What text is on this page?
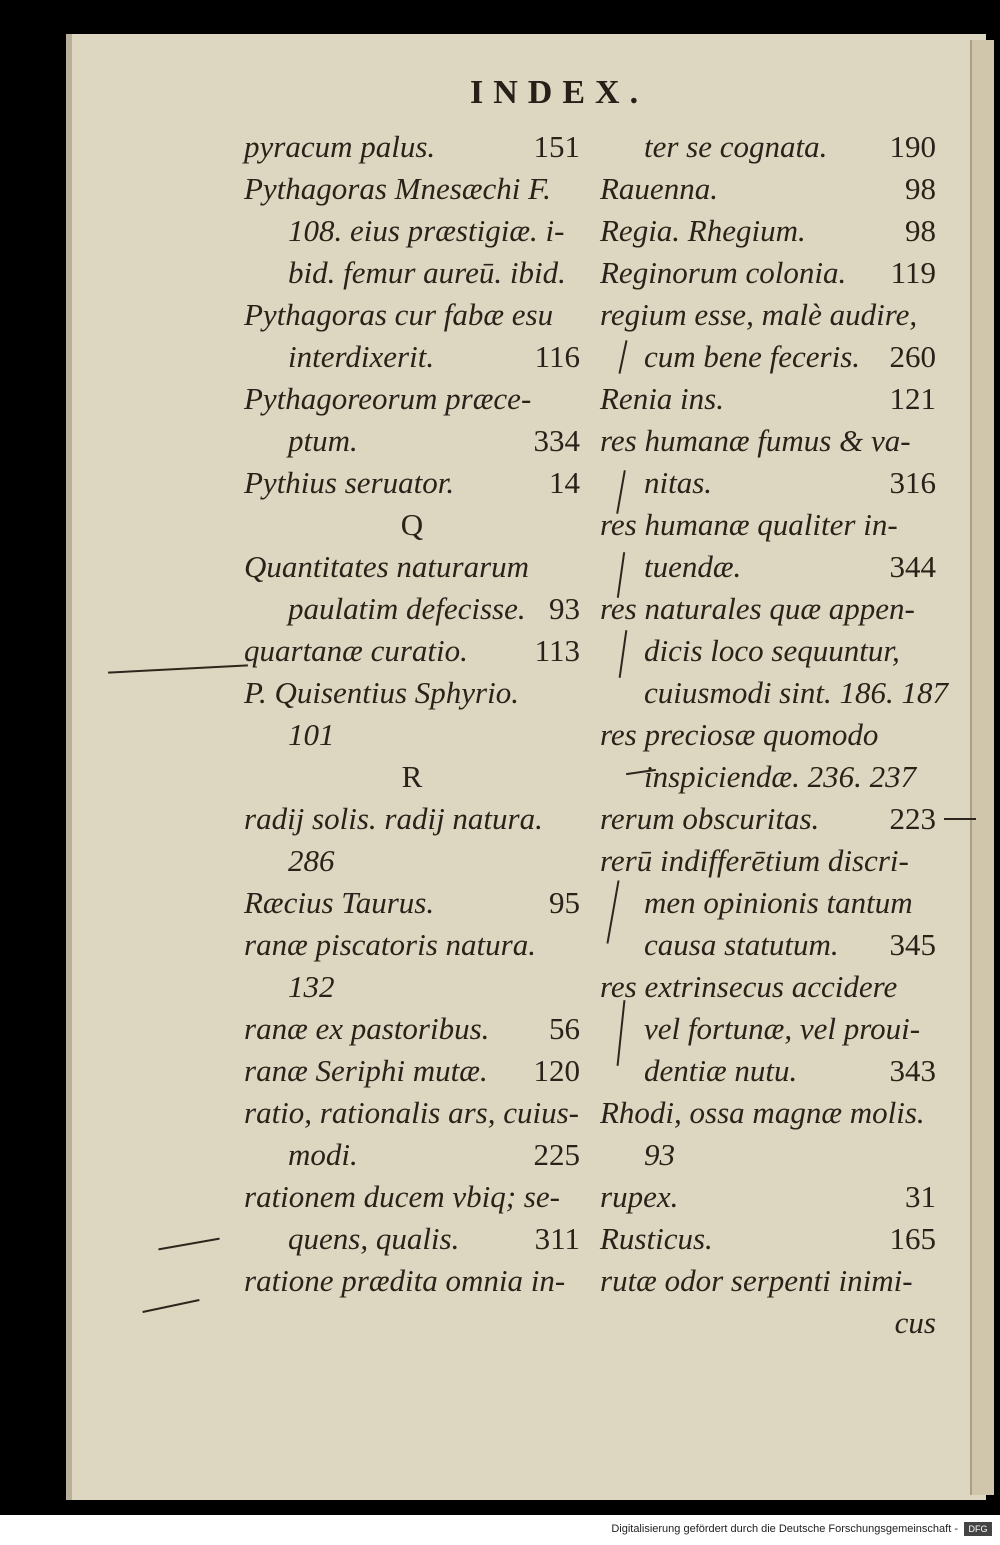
INDEX.
pyracum palus.	151
Pythagoras Mnesæchi F.
108. eius præstigiæ. i-
bid. femur aureū. ibid.
Pythagoras cur fabæ esu
interdixerit.	116
Pythagoreorum præce-
ptum.	334
Pythius seruator.	14
Q
Quantitates naturarum
paulatim defecisse. 93
quartanæ curatio. 113
P. Quisentius Sphyrio.
101
R
radij solis. radij natura.
286
Ræcius Taurus.	95
ranæ piscatoris natura.
132
ranæ ex pastoribus. 56
ranæ Seriphi mutæ. 120
ratio, rationalis ars, cuius-
modi.	225
rationem ducem vbiq; se-
quens, qualis. 311
ratione prædita omnia in-
ter se cognata. 190
Rauenna.	98
Regia. Rhegium.	98
Reginorum colonia. 119
regium esse, malè audire,
cum bene feceris. 260
Renia ins.	121
res humanæ fumus & va-
nitas.	316
res humanæ qualiter in-
tuendæ.	344
res naturales quæ appen-
dicis loco sequuntur,
cuiusmodi sint. 186. 187
res preciosæ quomodo
inspiciendæ. 236. 237
rerum obscuritas. 223
rerū indifferētium discri-
men opinionis tantum
causa statutum. 345
res extrinsecus accidere
vel fortunæ, vel proui-
dentiæ nutu.	343
Rhodi, ossa magnæ molis.
93
rupex.	31
Rusticus.	165
rutæ odor serpenti inimi-
cus
Digitalisierung gefördert durch die Deutsche Forschungsgemeinschaft -	DFG
